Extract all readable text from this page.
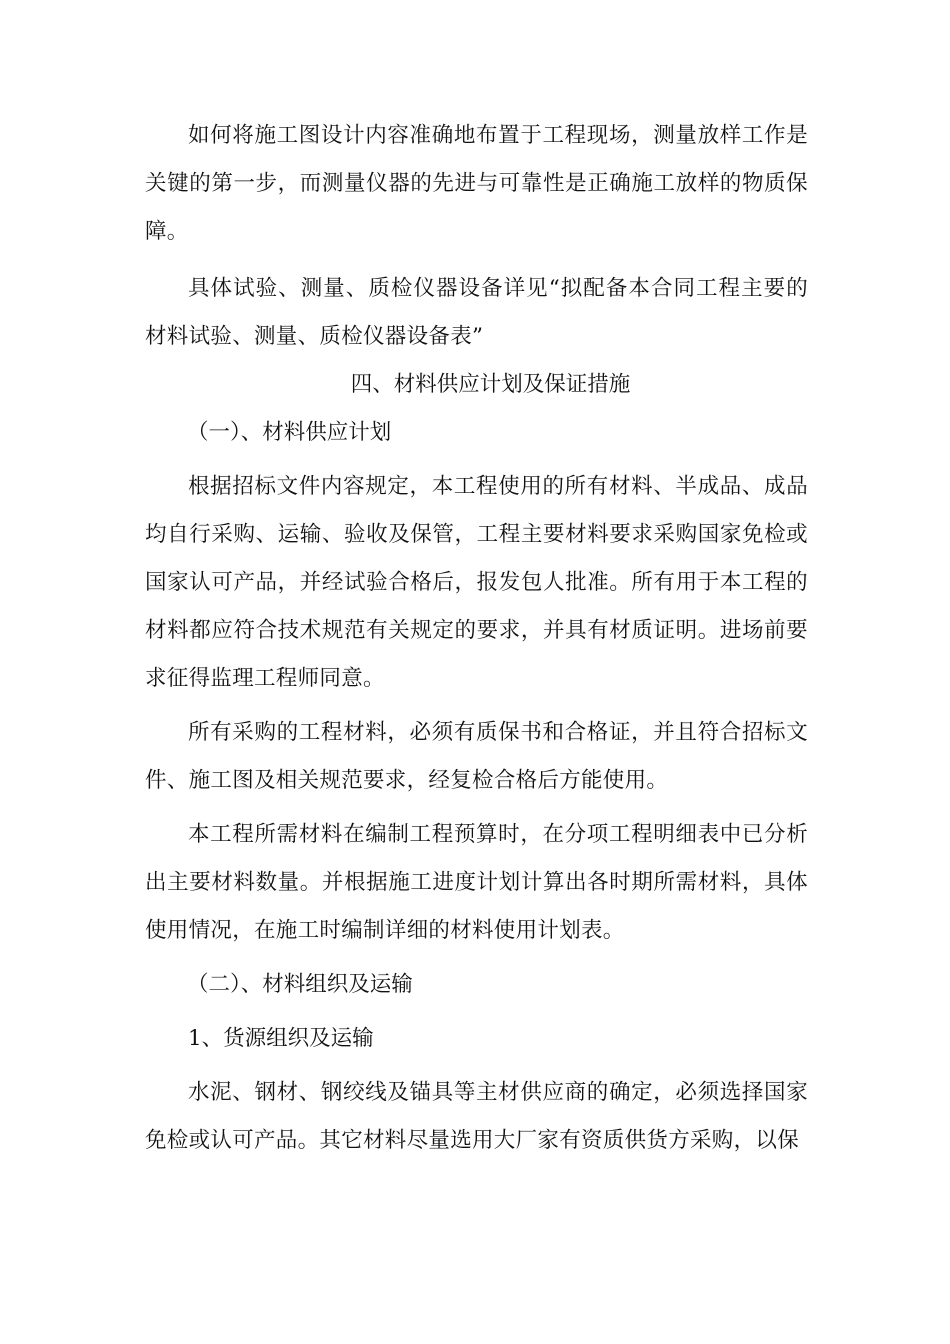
如何将施工图设计内容准确地布置于工程现场，测量放样工作是关键的第一步，而测量仪器的先进与可靠性是正确施工放样的物质保障。

具体试验、测量、质检仪器设备详见“拟配备本合同工程主要的材料试验、测量、质检仪器设备表”

四、材料供应计划及保证措施

（一）、材料供应计划

根据招标文件内容规定，本工程使用的所有材料、半成品、成品均自行采购、运输、验收及保管，工程主要材料要求采购国家免检或国家认可产品，并经试验合格后，报发包人批准。所有用于本工程的材料都应符合技术规范有关规定的要求，并具有材质证明。进场前要求征得监理工程师同意。

所有采购的工程材料，必须有质保书和合格证，并且符合招标文件、施工图及相关规范要求，经复检合格后方能使用。

本工程所需材料在编制工程预算时，在分项工程明细表中已分析出主要材料数量。并根据施工进度计划计算出各时期所需材料，具体使用情况，在施工时编制详细的材料使用计划表。

（二）、材料组织及运输

1、货源组织及运输

水泥、钢材、钢绞线及锚具等主材供应商的确定，必须选择国家免检或认可产品。其它材料尽量选用大厂家有资质供货方采购，以保
